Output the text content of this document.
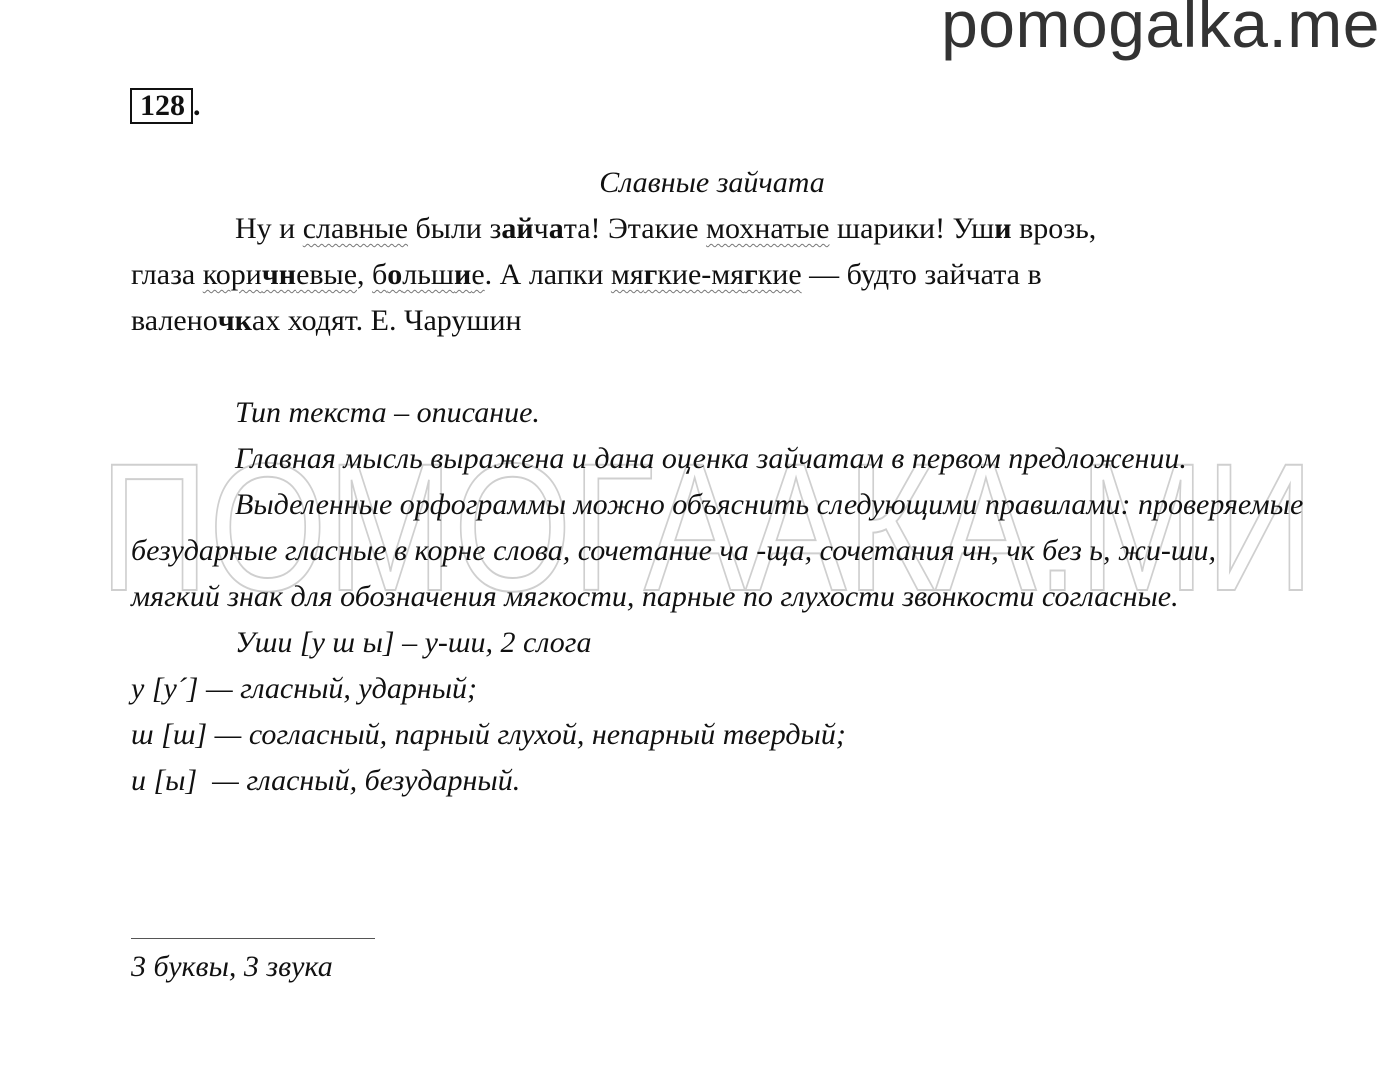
pomogalka.me
ПОМОГААКА.МИ
128 .
Славные зайчата

Ну и славные были зайчата! Этакие мохнатые шарики! Уши врозь,

глаза коричневые, большие. А лапки мягкие-мягкие — будто зайчата в

валеночках ходят. Е. Чарушин

Тип текста – описание.

Главная мысль выражена и дана оценка зайчатам в первом предложении.

Выделенные орфограммы можно объяснить следующими правилами: проверяемые безударные гласные в корне слова, сочетание ча -ща, сочетания чн, чк без ь, жи-ши, мягкий знак для обозначения мягкости, парные по глухости звонкости согласные.

Уши [у ш ы] – у-ши, 2 слога

у [у´] — гласный, ударный;

ш [ш] — согласный, парный глухой, непарный твердый;

и [ы]  — гласный, безударный.

3 буквы, 3 звука
